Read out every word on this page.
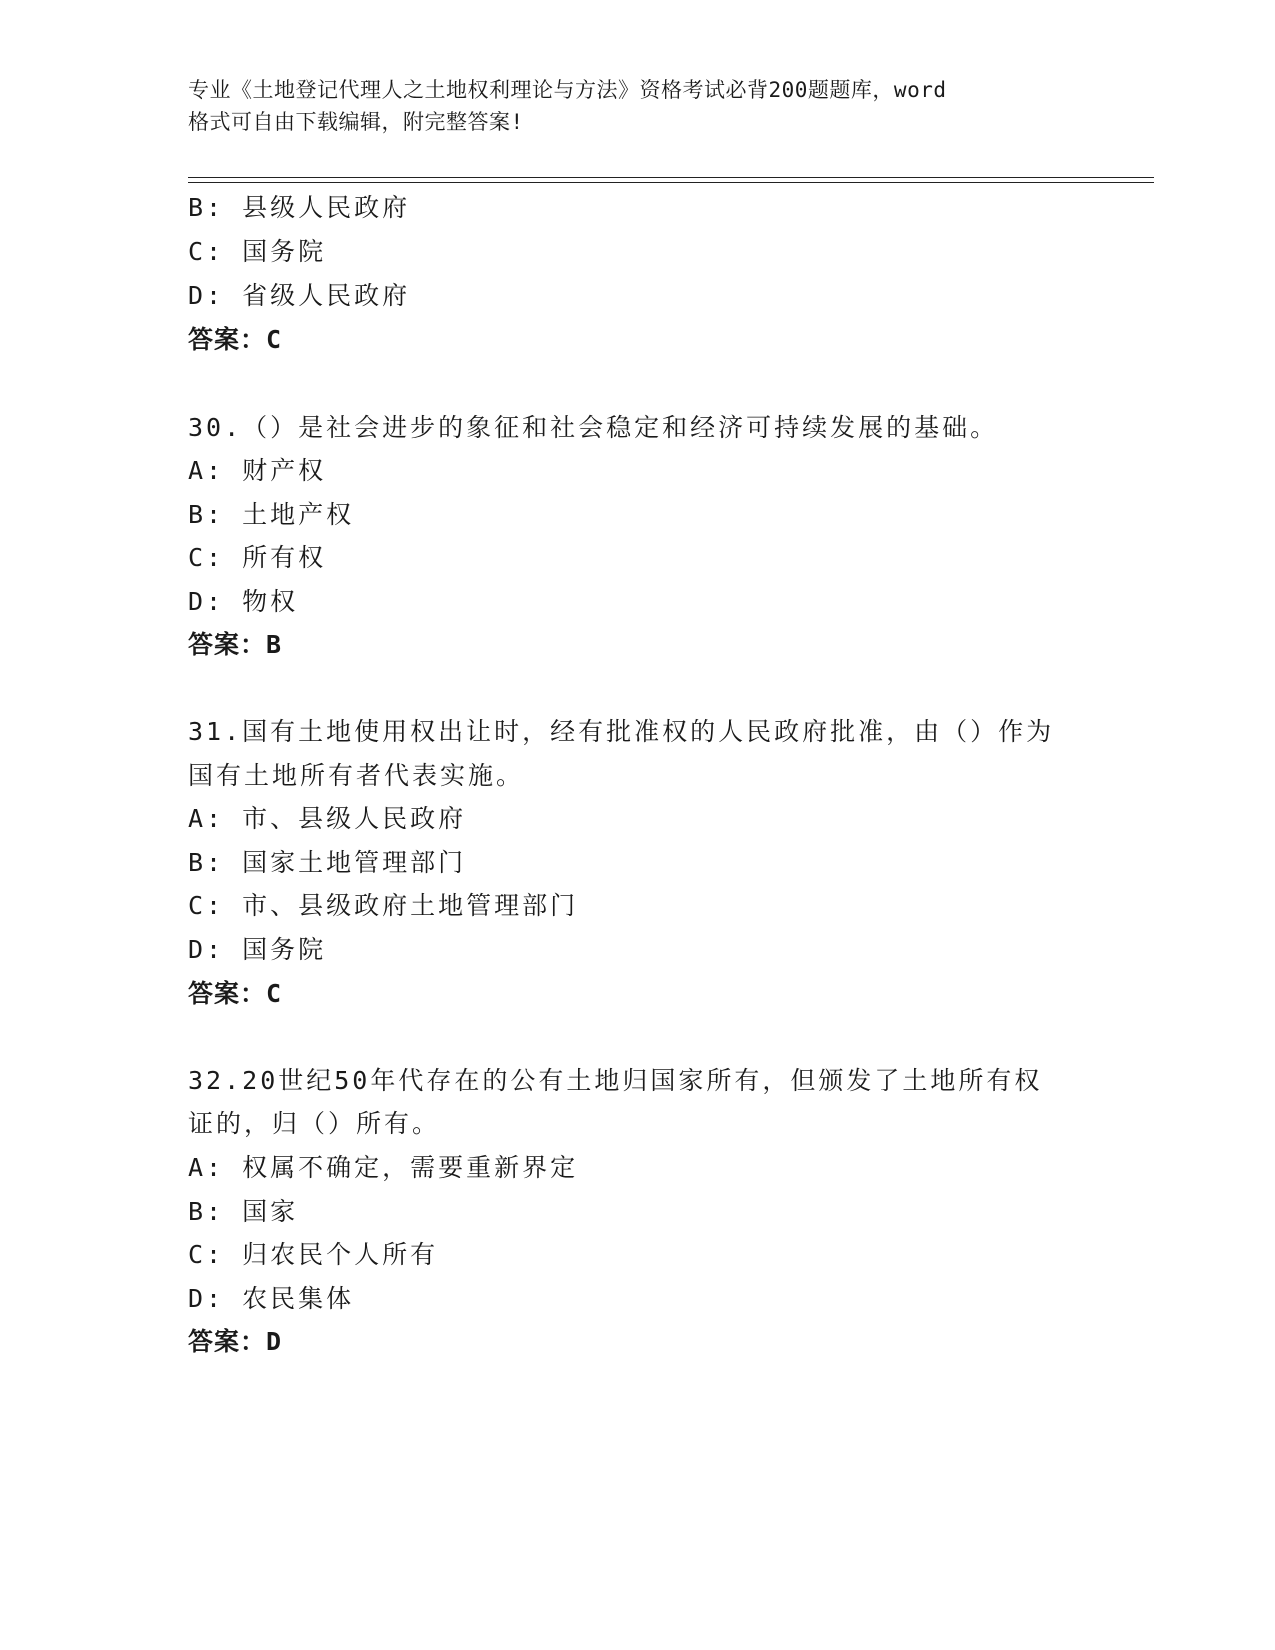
专业《土地登记代理人之土地权利理论与方法》资格考试必背200题题库，word
格式可自由下载编辑，附完整答案!
B: 县级人民政府
C: 国务院
D: 省级人民政府
答案：C
30.（）是社会进步的象征和社会稳定和经济可持续发展的基础。
A: 财产权
B: 土地产权
C: 所有权
D: 物权
答案：B
31.国有土地使用权出让时，经有批准权的人民政府批准，由（）作为
国有土地所有者代表实施。
A: 市、县级人民政府
B: 国家土地管理部门
C: 市、县级政府土地管理部门
D: 国务院
答案：C
32.20世纪50年代存在的公有土地归国家所有，但颁发了土地所有权
证的，归（）所有。
A: 权属不确定，需要重新界定
B: 国家
C: 归农民个人所有
D: 农民集体
答案：D
